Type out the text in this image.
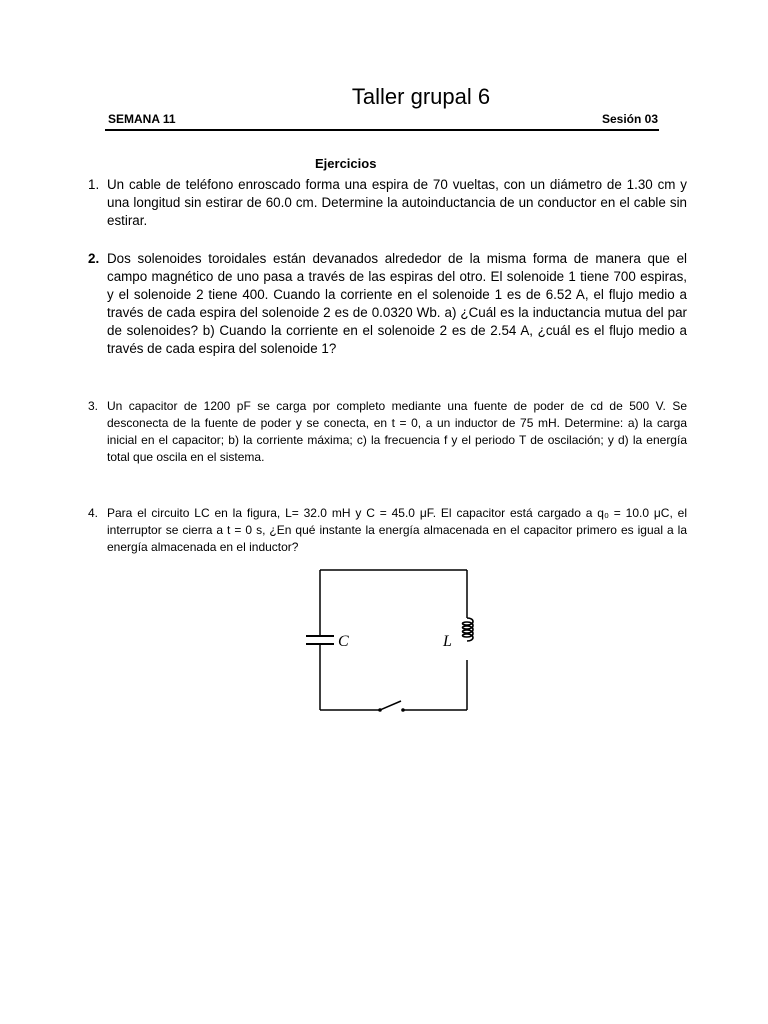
Taller grupal 6
SEMANA 11	Sesión 03
Ejercicios
1. Un cable de teléfono enroscado forma una espira de 70 vueltas, con un diámetro de 1.30 cm y una longitud sin estirar de 60.0 cm. Determine la autoinductancia de un conductor en el cable sin estirar.
2. Dos solenoides toroidales están devanados alrededor de la misma forma de manera que el campo magnético de uno pasa a través de las espiras del otro. El solenoide 1 tiene 700 espiras, y el solenoide 2 tiene 400. Cuando la corriente en el solenoide 1 es de 6.52 A, el flujo medio a través de cada espira del solenoide 2 es de 0.0320 Wb. a) ¿Cuál es la inductancia mutua del par de solenoides? b) Cuando la corriente en el solenoide 2 es de 2.54 A, ¿cuál es el flujo medio a través de cada espira del solenoide 1?
3. Un capacitor de 1200 pF se carga por completo mediante una fuente de poder de cd de 500 V. Se desconecta de la fuente de poder y se conecta, en t = 0, a un inductor de 75 mH. Determine: a) la carga inicial en el capacitor; b) la corriente máxima; c) la frecuencia f y el periodo T de oscilación; y d) la energía total que oscila en el sistema.
4. Para el circuito LC en la figura, L= 32.0 mH y C = 45.0 μF. El capacitor está cargado a q₀ = 10.0 μC, el interruptor se cierra a t = 0 s, ¿En qué instante la energía almacenada en el capacitor primero es igual a la energía almacenada en el inductor?
C	L
